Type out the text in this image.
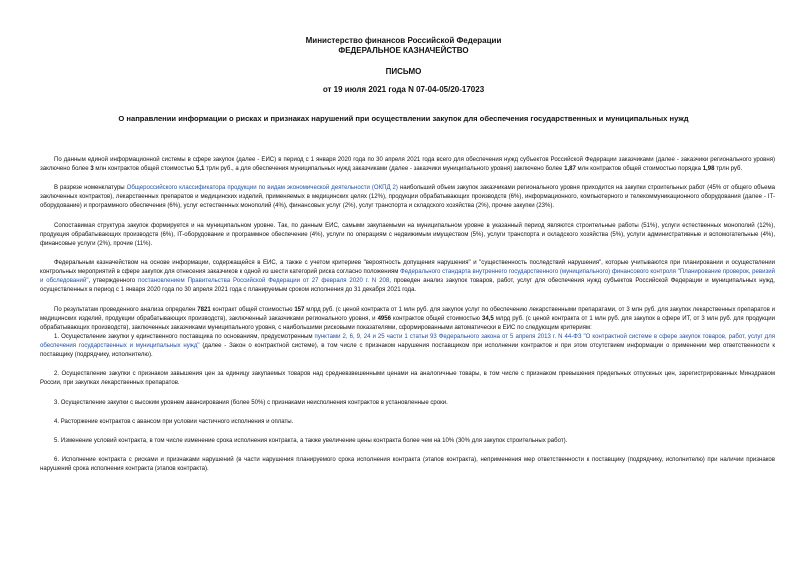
Министерство финансов Российской Федерации
ФЕДЕРАЛЬНОЕ КАЗНАЧЕЙСТВО
ПИСЬМО
от 19 июля 2021 года N 07-04-05/20-17023
О направлении информации о рисках и признаках нарушений при осуществлении закупок для обеспечения государственных и муниципальных нужд

По данным единой информационной системы в сфере закупок (далее - ЕИС) в период с 1 января 2020 года по 30 апреля 2021 года всего для обеспечения нужд субъектов Российской Федерации заказчиками (далее - заказчики регионального уровня) заключено более 3 млн контрактов общей стоимостью 5,1 трлн руб., а для обеспечения муниципальных нужд заказчиками (далее - заказчики муниципального уровня) заключено более 1,87 млн контрактов общей стоимостью порядка 1,98 трлн руб.

В разрезе номенклатуры Общероссийского классификатора продукции по видам экономической деятельности (ОКПД 2) наибольший объем закупок заказчиками регионального уровня приходится на закупки строительных работ (45% от общего объема заключенных контрактов), лекарственных препаратов и медицинских изделий, применяемых в медицинских целях (12%), продукции обрабатывающих производств (6%), информационного, компьютерного и телекоммуникационного оборудования (далее - IT-оборудование) и программного обеспечения (6%), услуг естественных монополий (4%), финансовых услуг (2%), услуг транспорта и складского хозяйства (2%), прочие закупки (23%).

Сопоставимая структура закупок формируется и на муниципальном уровне. Так, по данным ЕИС, самыми закупаемыми на муниципальном уровне в указанный период являются строительные работы (51%), услуги естественных монополий (12%), продукция обрабатывающих производств (6%), IT-оборудование и программное обеспечение (4%), услуги по операциям с недвижимым имуществом (5%), услуги транспорта и складского хозяйства (5%), услуги административные и вспомогательные (4%), финансовые услуги (2%), прочие (11%).

Федеральным казначейством на основе информации, содержащейся в ЕИС, а также с учетом критериев "вероятность допущения нарушения" и "существенность последствий нарушения", которые учитываются при планировании и осуществлении контрольных мероприятий в сфере закупок для отнесения заказчиков к одной из шести категорий риска согласно положениям Федерального стандарта внутреннего государственного (муниципального) финансового контроля "Планирование проверок, ревизий и обследований", утвержденного постановлением Правительства Российской Федерации от 27 февраля 2020 г. N 208, проведен анализ закупок товаров, работ, услуг для обеспечения нужд субъектов Российской Федерации и муниципальных нужд, осуществленных в период с 1 января 2020 года по 30 апреля 2021 года с планируемым сроком исполнения до 31 декабря 2021 года.

По результатам проведенного анализа определен 7821 контракт общей стоимостью 157 млрд руб. (с ценой контракта от 1 млн руб. для закупок услуг по обеспечению лекарственными препаратами, от 3 млн руб. для закупок лекарственных препаратов и медицинских изделий, продукции обрабатывающих производств), заключенный заказчиками регионального уровня, и 4956 контрактов общей стоимостью 34,5 млрд руб. (с ценой контракта от 1 млн руб. для закупок в сфере ИТ, от 3 млн руб. для продукции обрабатывающих производств), заключенных заказчиками муниципального уровня, с наибольшими рисковыми показателями, сформированными автоматически в ЕИС по следующим критериям:

1. Осуществление закупки у единственного поставщика по основаниям, предусмотренным пунктами 2, 6, 9, 24 и 25 части 1 статьи 93 Федерального закона от 5 апреля 2013 г. N 44-ФЗ "О контрактной системе в сфере закупок товаров, работ, услуг для обеспечения государственных и муниципальных нужд" (далее - Закон о контрактной системе), в том числе с признаком нарушения поставщиком при исполнении контрактов и при этом отсутствием информации о применении мер ответственности к поставщику (подрядчику, исполнителю).

2. Осуществление закупки с признаком завышения цен за единицу закупаемых товаров над средневзвешенными ценами на аналогичные товары, в том числе с признаком превышения предельных отпускных цен, зарегистрированных Минздравом России, при закупках лекарственных препаратов.

3. Осуществление закупки с высоким уровнем авансирования (более 50%) с признаками неисполнения контрактов в установленные сроки.

4. Расторжение контрактов с авансом при условии частичного исполнения и оплаты.

5. Изменение условий контракта, в том числе изменение срока исполнения контракта, а также увеличение цены контракта более чем на 10% (30% для закупок строительных работ).

6. Исполнение контракта с рисками и признаками нарушений (в части нарушения планируемого срока исполнения контракта (этапов контракта), неприменения мер ответственности к поставщику (подрядчику, исполнителю) при наличии признаков нарушений срока исполнения контракта (этапов контракта).
